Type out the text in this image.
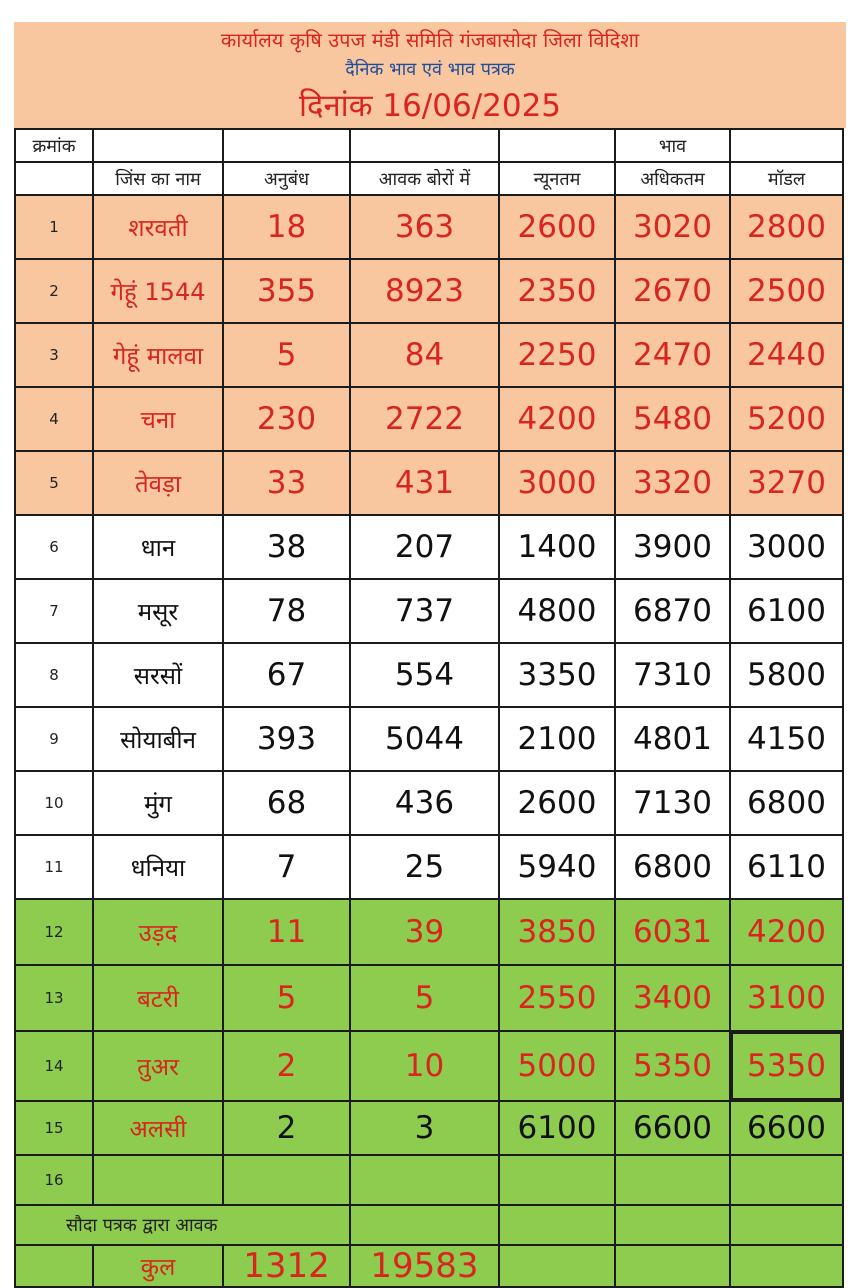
कार्यालय कृषि उपज मंडी समिति गंजबासोदा जिला विदिशा
दैनिक भाव एवं भाव पत्रक
दिनांक 16/06/2025
क्रमांक					भाव	
	जिंस का नाम	अनुबंध	आवक बोरों में	न्यूनतम	अधिकतम	मॉडल
1	शरवती	18	363	2600	3020	2800
2	गेहूं 1544	355	8923	2350	2670	2500
3	गेहूं मालवा	5	84	2250	2470	2440
4	चना	230	2722	4200	5480	5200
5	तेवड़ा	33	431	3000	3320	3270
6	धान	38	207	1400	3900	3000
7	मसूर	78	737	4800	6870	6100
8	सरसों	67	554	3350	7310	5800
9	सोयाबीन	393	5044	2100	4801	4150
10	मुंग	68	436	2600	7130	6800
11	धनिया	7	25	5940	6800	6110
12	उड़द	11	39	3850	6031	4200
13	बटरी	5	5	2550	3400	3100
14	तुअर	2	10	5000	5350	5350
15	अलसी	2	3	6100	6600	6600
16						
सौदा पत्रक द्वारा आवक						
	कुल	1312	19583			
